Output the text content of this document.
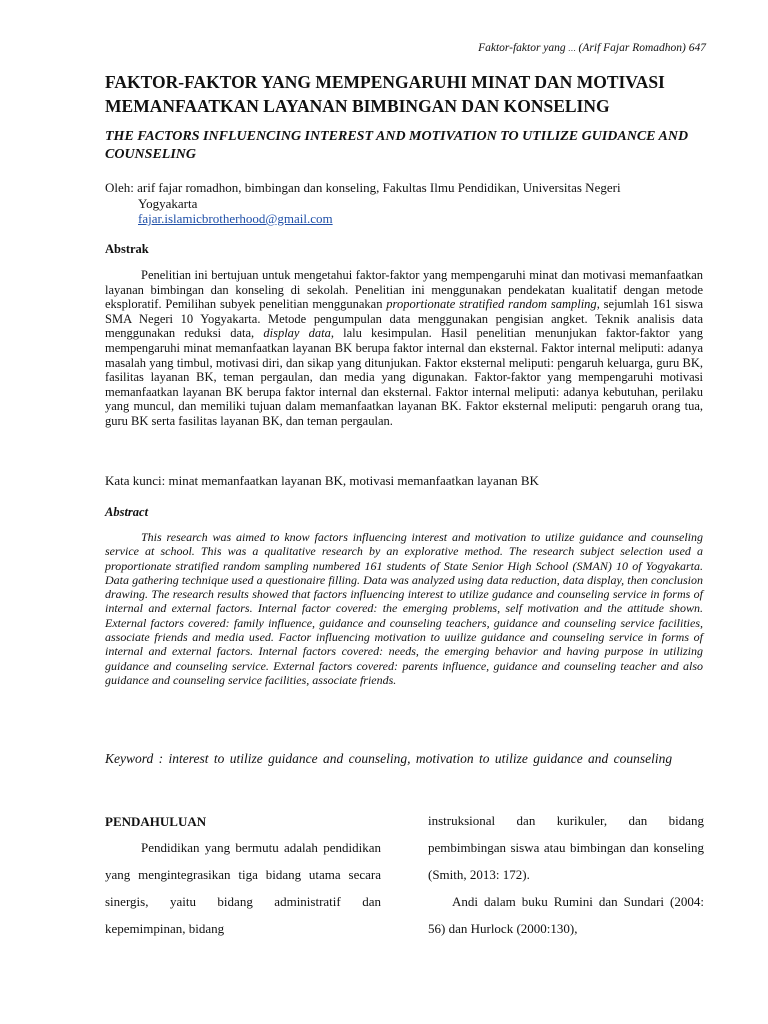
Faktor-faktor yang … (Arif Fajar Romadhon) 647
FAKTOR-FAKTOR YANG MEMPENGARUHI MINAT DAN MOTIVASI MEMANFAATKAN LAYANAN BIMBINGAN DAN KONSELING
THE FACTORS INFLUENCING INTEREST AND MOTIVATION TO UTILIZE GUIDANCE AND COUNSELING
Oleh: arif fajar romadhon, bimbingan dan konseling, Fakultas Ilmu Pendidikan, Universitas Negeri
Yogyakarta
fajar.islamicbrotherhood@gmail.com
Abstrak

Penelitian ini bertujuan untuk mengetahui faktor-faktor yang mempengaruhi minat dan motivasi memanfaatkan layanan bimbingan dan konseling di sekolah. Penelitian ini menggunakan pendekatan kualitatif dengan metode eksploratif. Pemilihan subyek penelitian menggunakan proportionate stratified random sampling, sejumlah 161 siswa SMA Negeri 10 Yogyakarta. Metode pengumpulan data menggunakan pengisian angket. Teknik analisis data menggunakan reduksi data, display data, lalu kesimpulan. Hasil penelitian menunjukan faktor-faktor yang mempengaruhi minat memanfaatkan layanan BK berupa faktor internal dan eksternal. Faktor internal meliputi: adanya masalah yang timbul, motivasi diri, dan sikap yang ditunjukan. Faktor eksternal meliputi: pengaruh keluarga, guru BK, fasilitas layanan BK, teman pergaulan, dan media yang digunakan. Faktor-faktor yang mempengaruhi motivasi memanfaatkan layanan BK berupa faktor internal dan eksternal. Faktor internal meliputi: adanya kebutuhan, perilaku yang muncul, dan memiliki tujuan dalam memanfaatkan layanan BK. Faktor eksternal meliputi: pengaruh orang tua, guru BK serta fasilitas layanan BK, dan teman pergaulan.

Kata kunci: minat memanfaatkan layanan BK, motivasi memanfaatkan layanan BK

Abstract

This research was aimed to know factors influencing interest and motivation to utilize guidance and counseling service at school. This was a qualitative research by an explorative method. The research subject selection used a proportionate stratified random sampling numbered 161 students of State Senior High School (SMAN) 10 of Yogyakarta. Data gathering technique used a questionaire filling. Data was analyzed using data reduction, data display, then conclusion drawing. The research results showed that factors influencing interest to utilize gudance and counseling service in forms of internal and external factors. Internal factor covered: the emerging problems, self motivation and the attitude shown. External factors covered: family influence, guidance and counseling teachers, guidance and counseling service facilities, associate friends and media used. Factor influencing motivation to uuilize guidance and counseling service in forms of internal and external factors. Internal factors covered: needs, the emerging behavior and having purpose in utilizing guidance and counseling service. External factors covered: parents influence, guidance and counseling teacher and also guidance and counseling service facilities, associate friends.

Keyword : interest to utilize guidance and counseling, motivation to utilize guidance and counseling

PENDAHULUAN

Pendidikan yang bermutu adalah pendidikan yang mengintegrasikan tiga bidang utama secara sinergis, yaitu bidang administratif dan kepemimpinan, bidang

instruksional dan kurikuler, dan bidang pembimbingan siswa atau bimbingan dan konseling (Smith, 2013: 172).

Andi dalam buku Rumini dan Sundari (2004: 56) dan Hurlock (2000:130),
